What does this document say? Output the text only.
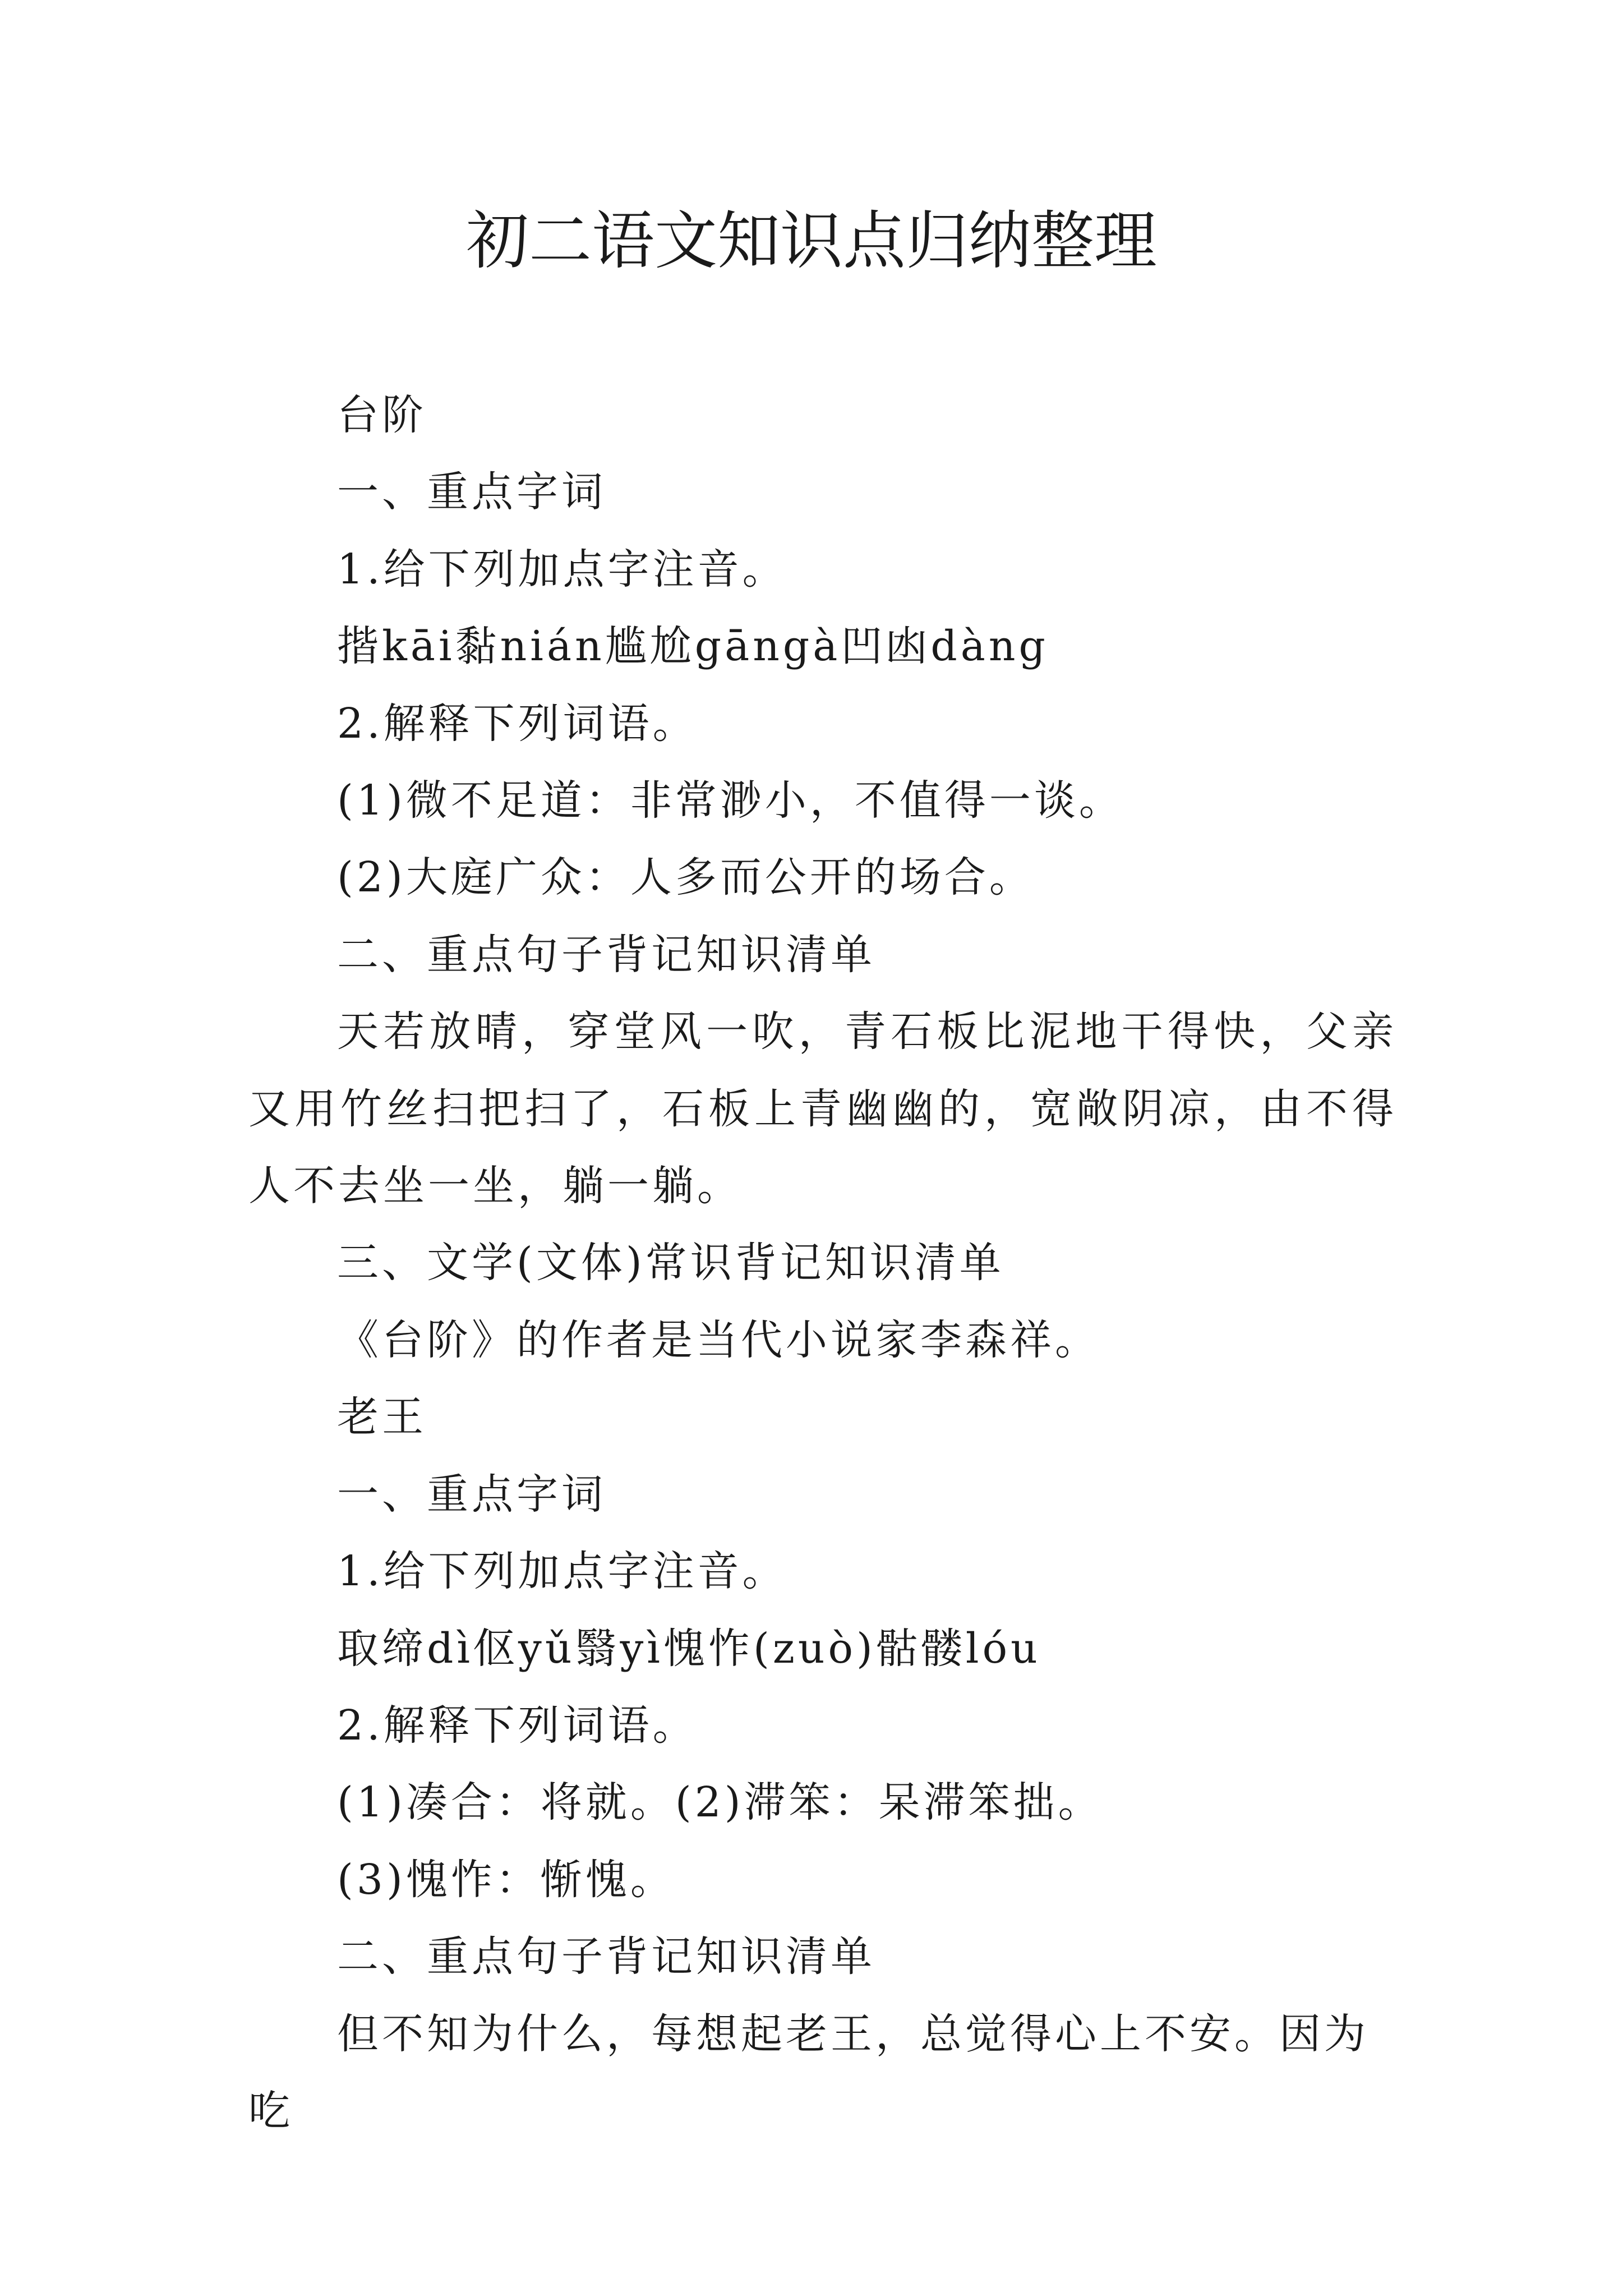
初二语文知识点归纳整理

台阶

一、重点字词

1.给下列加点字注音。

揩kāi黏nián尴尬gāngà凹凼dàng

2.解释下列词语。

(1)微不足道：非常渺小，不值得一谈。

(2)大庭广众：人多而公开的场合。

二、重点句子背记知识清单

天若放晴，穿堂风一吹，青石板比泥地干得快，父亲又用竹丝扫把扫了，石板上青幽幽的，宽敞阴凉，由不得人不去坐一坐，躺一躺。

三、文学(文体)常识背记知识清单

《台阶》的作者是当代小说家李森祥。

老王

一、重点字词

1.给下列加点字注音。

取缔dì伛yǔ翳yì愧怍(zuò)骷髅lóu

2.解释下列词语。

(1)凑合：将就。(2)滞笨：呆滞笨拙。

(3)愧怍：惭愧。

二、重点句子背记知识清单

但不知为什么，每想起老王，总觉得心上不安。因为吃
